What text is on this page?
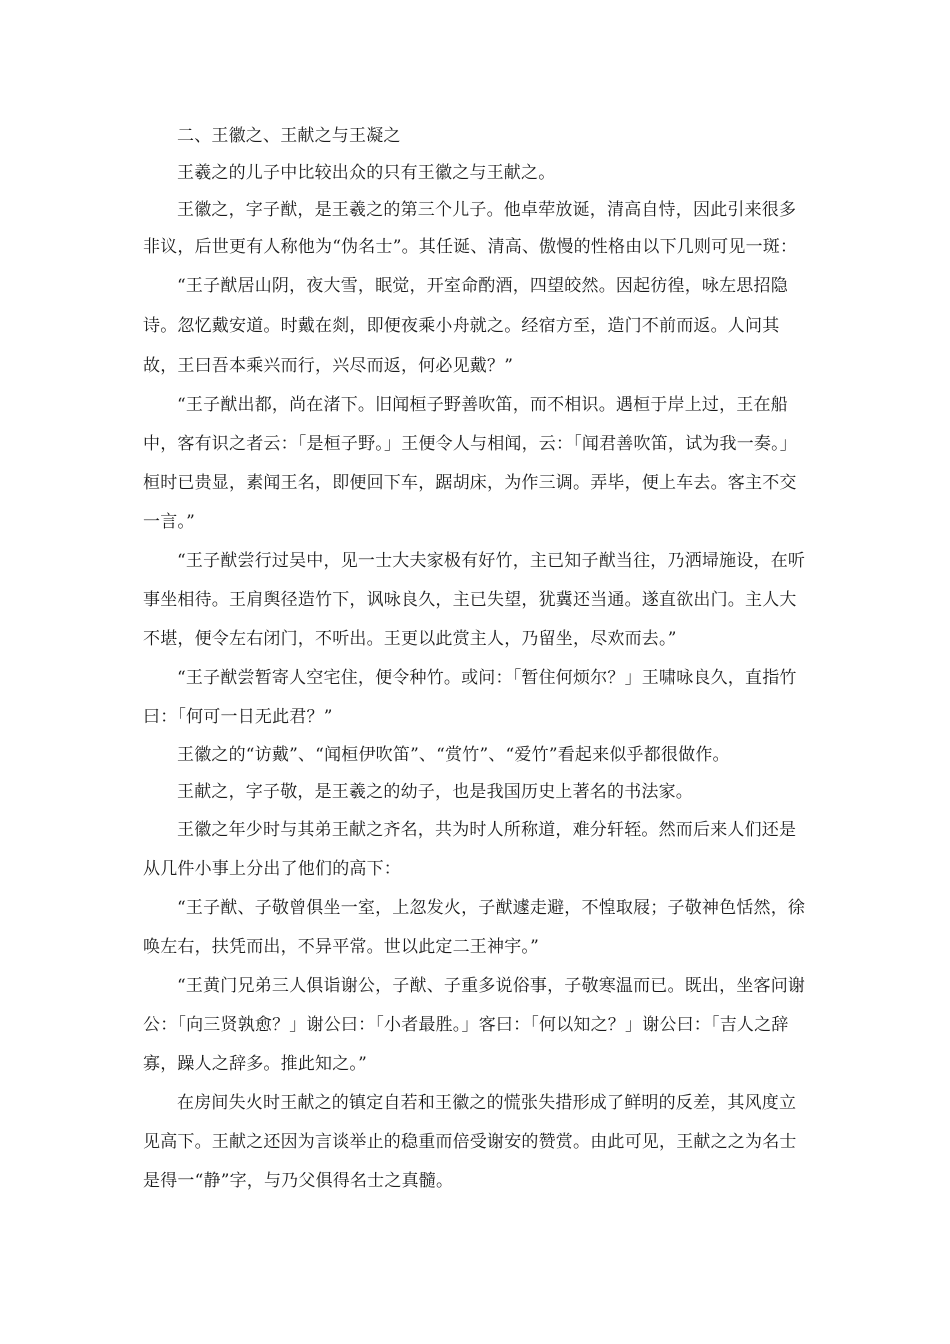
二、王徽之、王献之与王凝之

王羲之的儿子中比较出众的只有王徽之与王献之。

王徽之，字子猷，是王羲之的第三个儿子。他卓荦放诞，清高自恃，因此引来很多非议，后世更有人称他为“伪名士”。其任诞、清高、傲慢的性格由以下几则可见一斑：

“王子猷居山阴，夜大雪，眠觉，开室命酌酒，四望皎然。因起彷徨，咏左思招隐诗。忽忆戴安道。时戴在剡，即便夜乘小舟就之。经宿方至，造门不前而返。人问其故，王曰吾本乘兴而行，兴尽而返，何必见戴？”

“王子猷出都，尚在渚下。旧闻桓子野善吹笛，而不相识。遇桓于岸上过，王在船中，客有识之者云：「是桓子野。」王便令人与相闻，云：「闻君善吹笛，试为我一奏。」桓时已贵显，素闻王名，即便回下车，踞胡床，为作三调。弄毕，便上车去。客主不交一言。”

“王子猷尝行过吴中，见一士大夫家极有好竹，主已知子猷当往，乃洒埽施设，在听事坐相待。王肩舆径造竹下，讽咏良久，主已失望，犹冀还当通。遂直欲出门。主人大不堪，便令左右闭门，不听出。王更以此赏主人，乃留坐，尽欢而去。”

“王子猷尝暂寄人空宅住，便令种竹。或问：「暂住何烦尔？」王啸咏良久，直指竹曰：「何可一日无此君？”

王徽之的“访戴”、“闻桓伊吹笛”、“赏竹”、“爱竹”看起来似乎都很做作。

王献之，字子敬，是王羲之的幼子，也是我国历史上著名的书法家。

王徽之年少时与其弟王献之齐名，共为时人所称道，难分轩轾。然而后来人们还是从几件小事上分出了他们的高下：

“王子猷、子敬曾俱坐一室，上忽发火，子猷遽走避，不惶取屐；子敬神色恬然，徐唤左右，扶凭而出，不异平常。世以此定二王神宇。”

“王黄门兄弟三人俱诣谢公，子猷、子重多说俗事，子敬寒温而已。既出，坐客问谢公：「向三贤孰愈？」谢公曰：「小者最胜。」客曰：「何以知之？」谢公曰：「吉人之辞寡，躁人之辞多。推此知之。”

在房间失火时王献之的镇定自若和王徽之的慌张失措形成了鲜明的反差，其风度立见高下。王献之还因为言谈举止的稳重而倍受谢安的赞赏。由此可见，王献之之为名士是得一“静”字，与乃父俱得名士之真髓。
